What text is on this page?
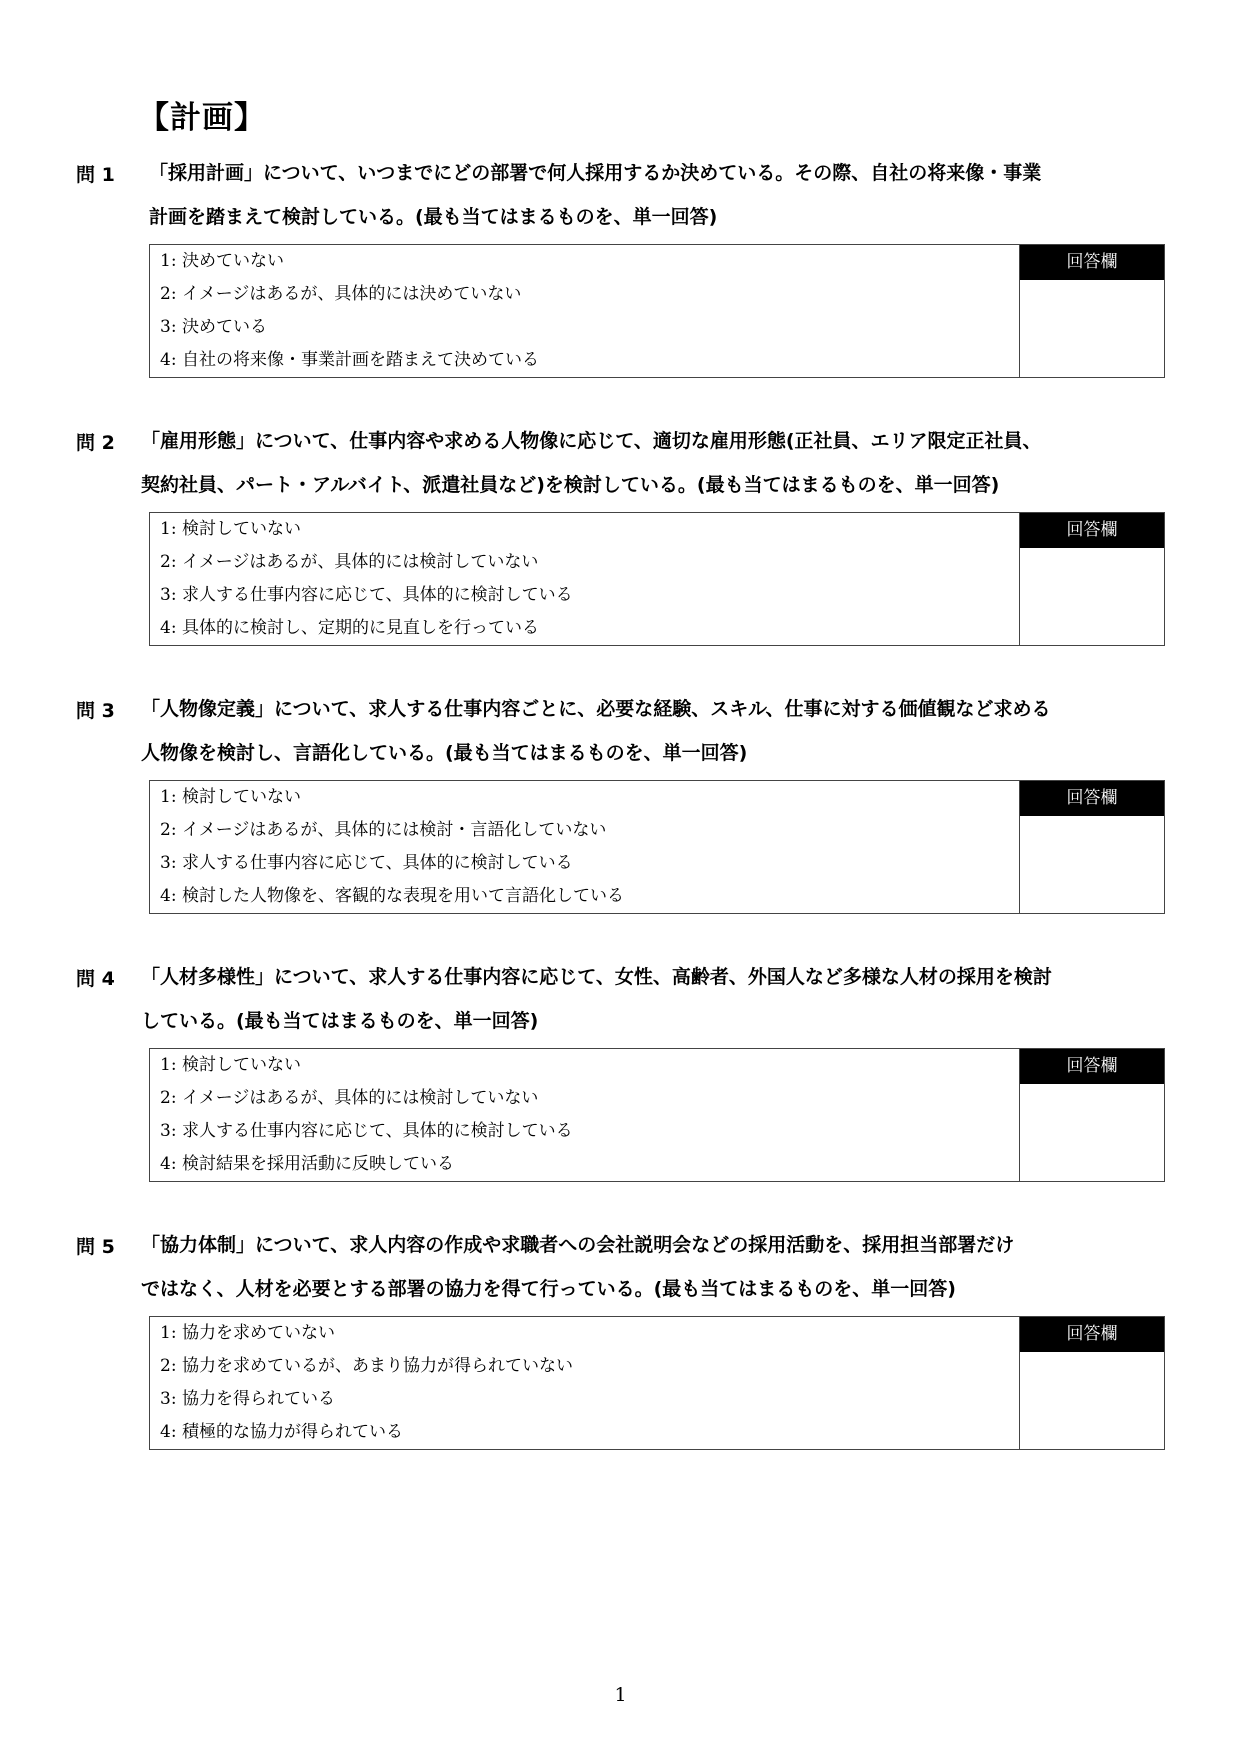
【計画】
問 1 「採用計画」について、いつまでにどの部署で何人採用するか決めている。その際、自社の将来像・事業
計画を踏まえて検討している。(最も当てはまるものを、単一回答)
1: 決めていない
2: イメージはあるが、具体的には決めていない
3: 決めている
4: 自社の将来像・事業計画を踏まえて決めている
回答欄
問 2 「雇用形態」について、仕事内容や求める人物像に応じて、適切な雇用形態(正社員、エリア限定正社員、
契約社員、パート・アルバイト、派遣社員など)を検討している。(最も当てはまるものを、単一回答)
1: 検討していない
2: イメージはあるが、具体的には検討していない
3: 求人する仕事内容に応じて、具体的に検討している
4: 具体的に検討し、定期的に見直しを行っている
回答欄
問 3 「人物像定義」について、求人する仕事内容ごとに、必要な経験、スキル、仕事に対する価値観など求める
人物像を検討し、言語化している。(最も当てはまるものを、単一回答)
1: 検討していない
2: イメージはあるが、具体的には検討・言語化していない
3: 求人する仕事内容に応じて、具体的に検討している
4: 検討した人物像を、客観的な表現を用いて言語化している
回答欄
問 4 「人材多様性」について、求人する仕事内容に応じて、女性、高齢者、外国人など多様な人材の採用を検討
している。(最も当てはまるものを、単一回答)
1: 検討していない
2: イメージはあるが、具体的には検討していない
3: 求人する仕事内容に応じて、具体的に検討している
4: 検討結果を採用活動に反映している
回答欄
問 5 「協力体制」について、求人内容の作成や求職者への会社説明会などの採用活動を、採用担当部署だけ
ではなく、人材を必要とする部署の協力を得て行っている。(最も当てはまるものを、単一回答)
1: 協力を求めていない
2: 協力を求めているが、あまり協力が得られていない
3: 協力を得られている
4: 積極的な協力が得られている
回答欄
1
